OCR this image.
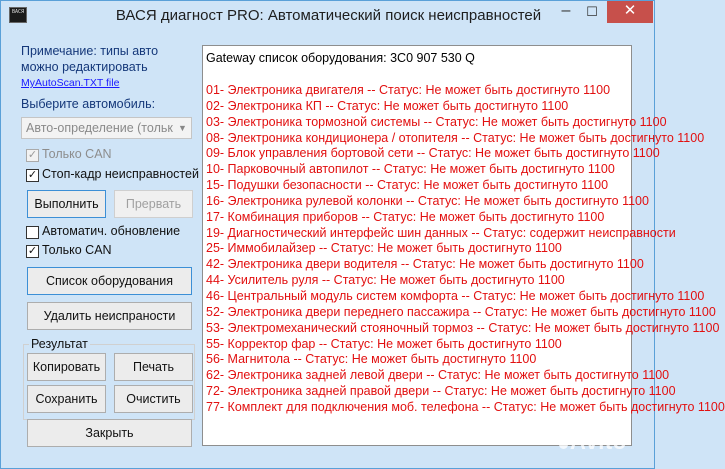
ВАСЯ	ВАСЯ диагност PRO: Автоматический поиск неисправностей	–	☐	✕
Примечание: типы авто
можно редактировать
MyAutoScan.TXT file
Выберите автомобиль:
Авто-определение (тольк ▼
✓ Только CAN
✓ Стоп-кадр неисправностей
Выполнить	Прервать
Автоматич. обновление
✓ Только CAN
Список оборудования
Удалить неиспраности
Результат
Копировать	Печать
Сохранить	Очистить
Закрыть
Gateway список оборудования: 3C0 907 530 Q
01- Электроника двигателя -- Статус: Не может быть достигнуто 1100
02- Электроника КП -- Статус: Не может быть достигнуто 1100
03- Электроника тормозной системы -- Статус: Не может быть достигнуто 1100
08- Электроника кондиционера / отопителя -- Статус: Не может быть достигнуто 1100
09- Блок управления бортовой сети -- Статус: Не может быть достигнуто 1100
10- Парковочный автопилот -- Статус: Не может быть достигнуто 1100
15- Подушки безопасности -- Статус: Не может быть достигнуто 1100
16- Электроника рулевой колонки -- Статус: Не может быть достигнуто 1100
17- Комбинация приборов -- Статус: Не может быть достигнуто 1100
19- Диагностический интерфейс шин данных -- Статус: содержит неисправности
25- Иммобилайзер -- Статус: Не может быть достигнуто 1100
42- Электроника двери водителя -- Статус: Не может быть достигнуто 1100
44- Усилитель руля -- Статус: Не может быть достигнуто 1100
46- Центральный модуль систем комфорта -- Статус: Не может быть достигнуто 1100
52- Электроника двери переднего пассажира -- Статус: Не может быть достигнуто 1100
53- Электромеханический стояночный тормоз -- Статус: Не может быть достигнуто 1100
55- Корректор фар -- Статус: Не может быть достигнуто 1100
56- Магнитола -- Статус: Не может быть достигнуто 1100
62- Электроника задней левой двери -- Статус: Не может быть достигнуто 1100
72- Электроника задней правой двери -- Статус: Не может быть достигнуто 1100
77- Комплект для подключения моб. телефона -- Статус: Не может быть достигнуто 1100
Avito
